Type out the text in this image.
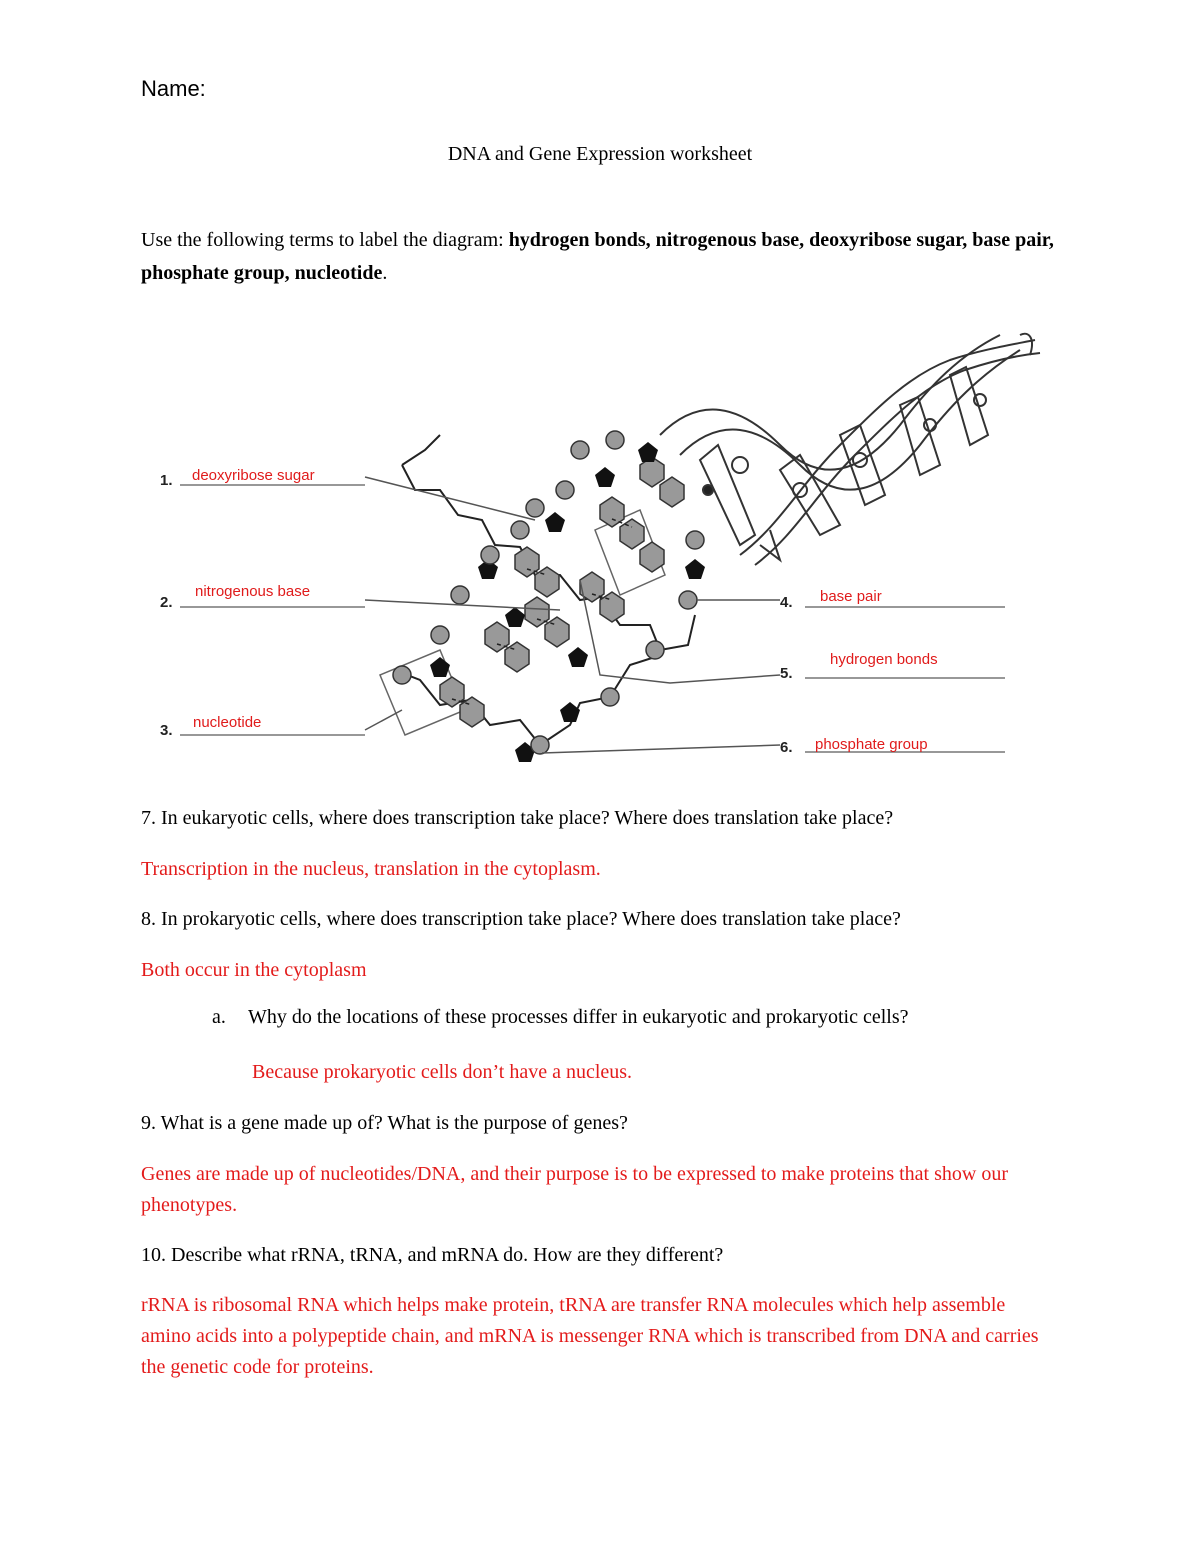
Name:
DNA and Gene Expression worksheet
Use the following terms to label the diagram: hydrogen bonds, nitrogenous base, deoxyribose sugar, base pair, phosphate group, nucleotide.
1.
2.
3.
4.
5.
6.
deoxyribose sugar
nitrogenous base
nucleotide
base pair
hydrogen bonds
phosphate group
7. In eukaryotic cells, where does transcription take place? Where does translation take place?
Transcription in the nucleus, translation in the cytoplasm.
8. In prokaryotic cells, where does transcription take place? Where does translation take place?
Both occur in the cytoplasm
a. Why do the locations of these processes differ in eukaryotic and prokaryotic cells?
Because prokaryotic cells don’t have a nucleus.
9. What is a gene made up of? What is the purpose of genes?
Genes are made up of nucleotides/DNA, and their purpose is to be expressed to make proteins that show our phenotypes.
10. Describe what rRNA, tRNA, and mRNA do. How are they different?
rRNA is ribosomal RNA which helps make protein, tRNA are transfer RNA molecules which help assemble amino acids into a polypeptide chain, and mRNA is messenger RNA which is transcribed from DNA and carries the genetic code for proteins.
